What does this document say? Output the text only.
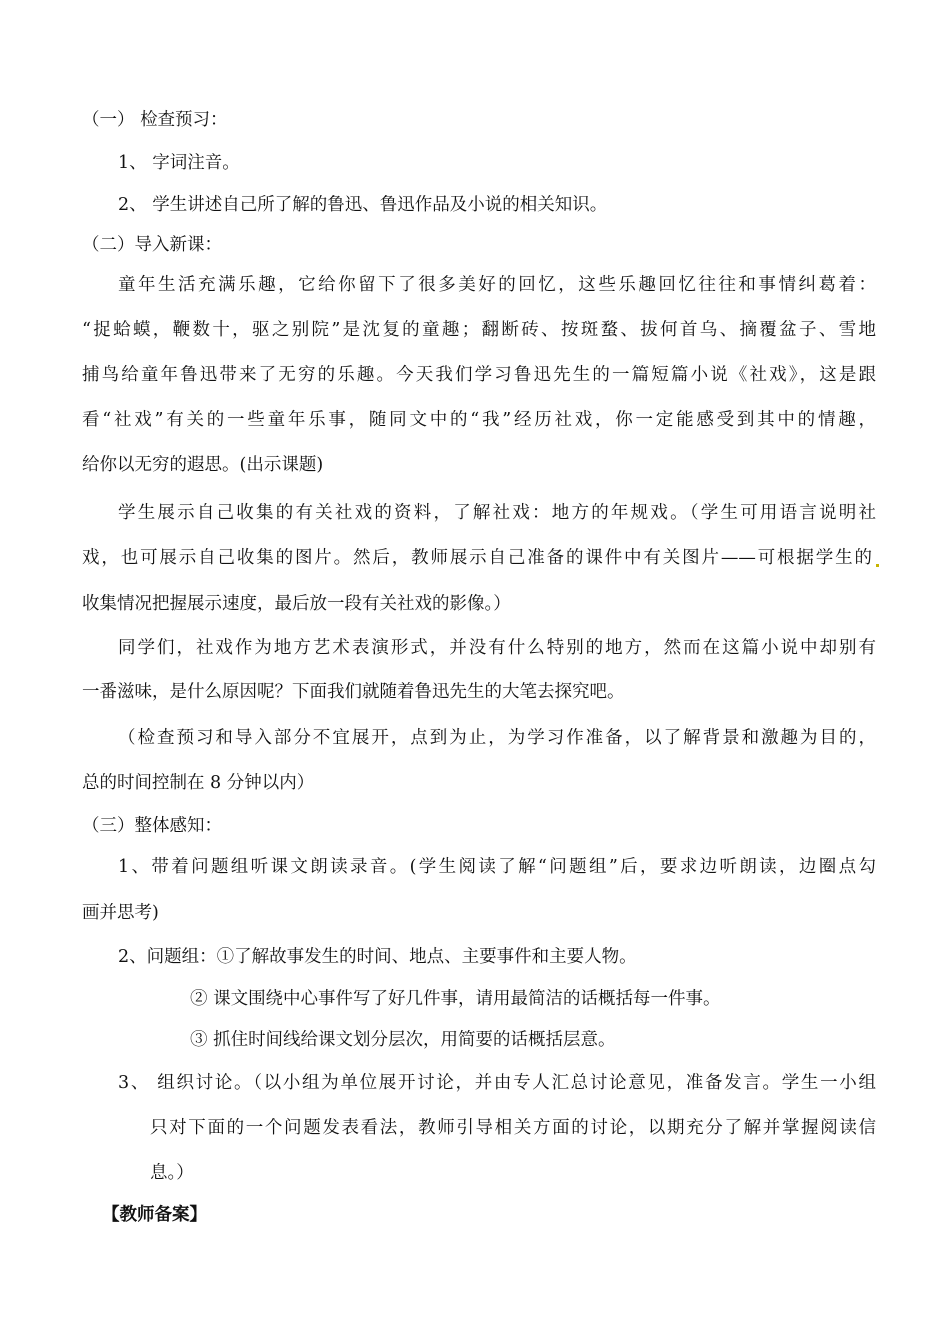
（一） 检查预习：
1、 字词注音。
2、 学生讲述自己所了解的鲁迅、鲁迅作品及小说的相关知识。
（二）导入新课：
童年生活充满乐趣，它给你留下了很多美好的回忆，这些乐趣回忆往往和事情纠葛着：
“捉蛤蟆，鞭数十，驱之别院”是沈复的童趣；翻断砖、按斑蝥、拔何首乌、摘覆盆子、雪地
捕鸟给童年鲁迅带来了无穷的乐趣。今天我们学习鲁迅先生的一篇短篇小说《社戏》，这是跟
看“社戏”有关的一些童年乐事，随同文中的“我”经历社戏，你一定能感受到其中的情趣，
给你以无穷的遐思。(出示课题)
学生展示自己收集的有关社戏的资料，了解社戏：地方的年规戏。（学生可用语言说明社
戏，也可展示自己收集的图片。然后，教师展示自己准备的课件中有关图片——可根据学生的
收集情况把握展示速度，最后放一段有关社戏的影像。）
同学们，社戏作为地方艺术表演形式，并没有什么特别的地方，然而在这篇小说中却别有
一番滋味，是什么原因呢？下面我们就随着鲁迅先生的大笔去探究吧。
（检查预习和导入部分不宜展开，点到为止，为学习作准备，以了解背景和激趣为目的，
总的时间控制在 8 分钟以内）
（三）整体感知：
1、带着问题组听课文朗读录音。(学生阅读了解“问题组”后，要求边听朗读，边圈点勾
画并思考)
2、问题组：①了解故事发生的时间、地点、主要事件和主要人物。
② 课文围绕中心事件写了好几件事，请用最简洁的话概括每一件事。
③ 抓住时间线给课文划分层次，用简要的话概括层意。
3、 组织讨论。（以小组为单位展开讨论，并由专人汇总讨论意见，准备发言。学生一小组
只对下面的一个问题发表看法，教师引导相关方面的讨论，以期充分了解并掌握阅读信
息。）
【教师备案】
